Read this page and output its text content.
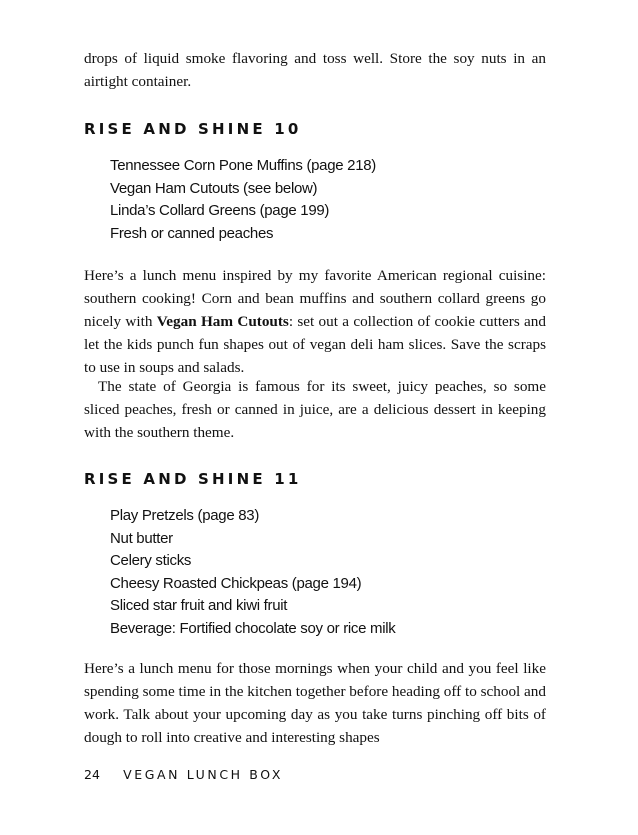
drops of liquid smoke flavoring and toss well. Store the soy nuts in an airtight container.

RISE AND SHINE 10
Tennessee Corn Pone Muffins (page 218)
Vegan Ham Cutouts (see below)
Linda’s Collard Greens (page 199)
Fresh or canned peaches

Here’s a lunch menu inspired by my favorite American regional cuisine: southern cooking! Corn and bean muffins and southern collard greens go nicely with Vegan Ham Cutouts: set out a collection of cookie cutters and let the kids punch fun shapes out of vegan deli ham slices. Save the scraps to use in soups and salads.

The state of Georgia is famous for its sweet, juicy peaches, so some sliced peaches, fresh or canned in juice, are a delicious dessert in keeping with the southern theme.

RISE AND SHINE 11
Play Pretzels (page 83)
Nut butter
Celery sticks
Cheesy Roasted Chickpeas (page 194)
Sliced star fruit and kiwi fruit
Beverage: Fortified chocolate soy or rice milk

Here’s a lunch menu for those mornings when your child and you feel like spending some time in the kitchen together before heading off to school and work. Talk about your upcoming day as you take turns pinching off bits of dough to roll into creative and interesting shapes

24 VEGAN LUNCH BOX
